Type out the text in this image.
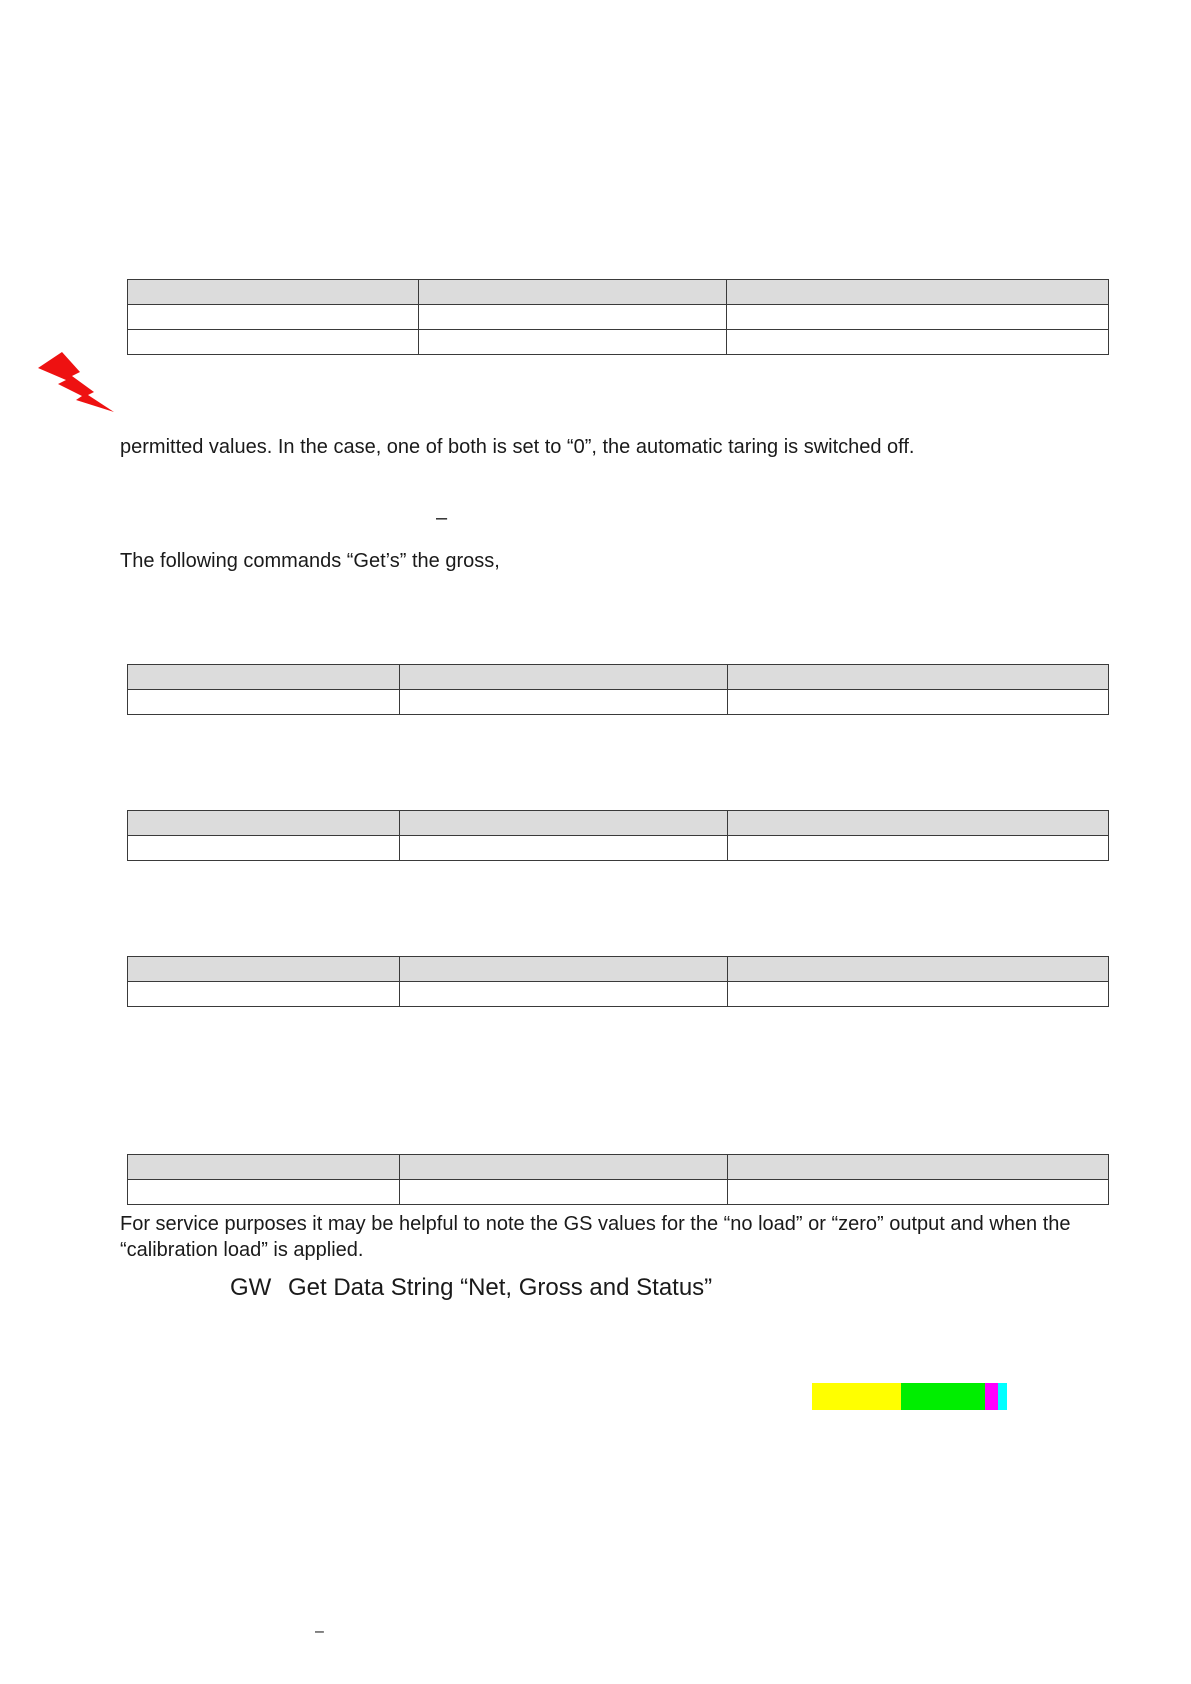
permitted values. In the case, one of both is set to “0”, the automatic taring is switched off.
–
The following commands “Get’s” the gross,

For service purposes it may be helpful to note the GS values for the “no load” or “zero” output and when the “calibration load” is applied.
GW Get Data String “Net, Gross and Status”
–
